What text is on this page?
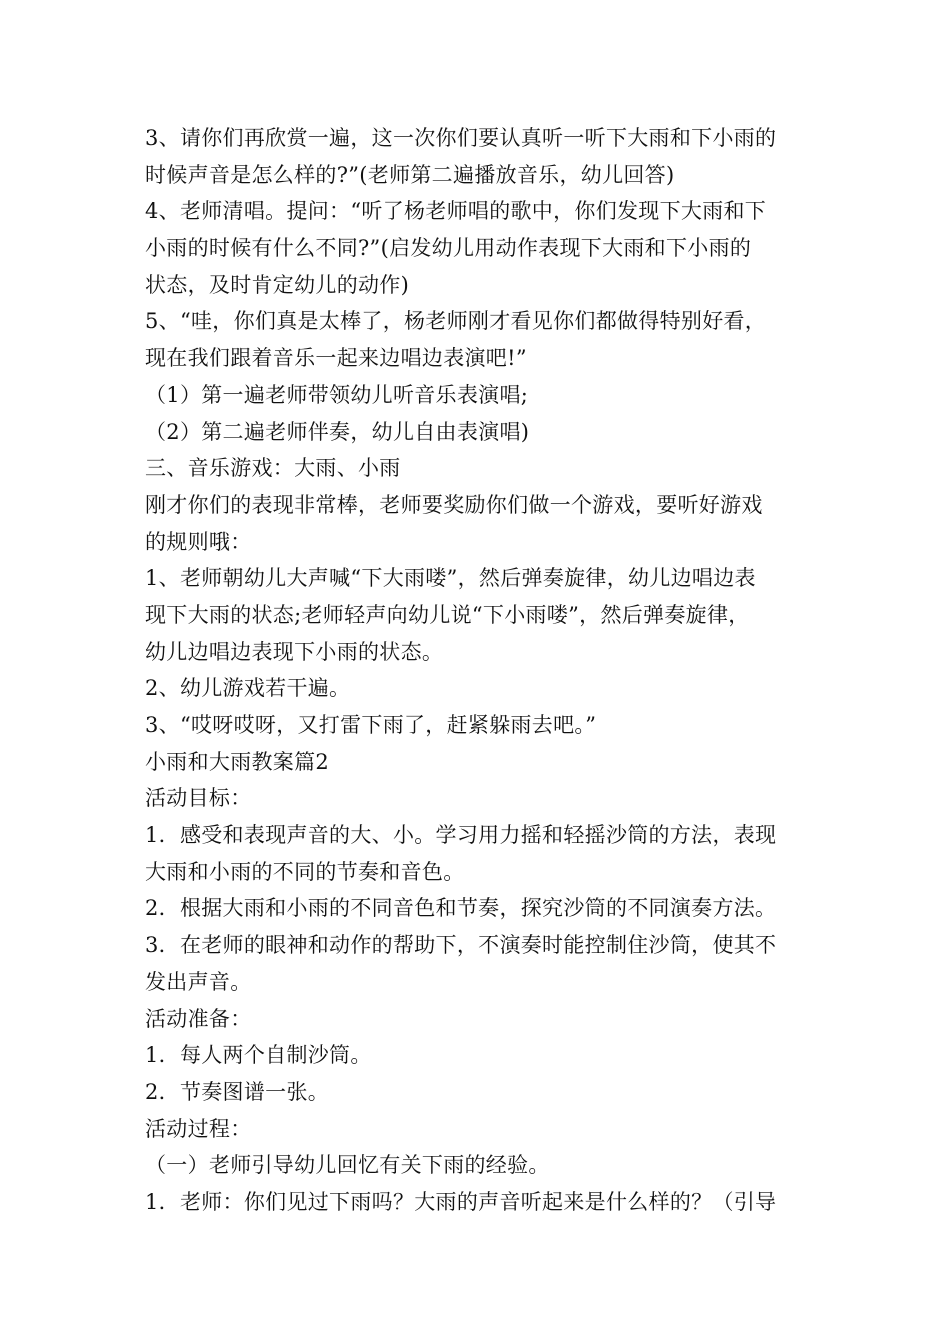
3、请你们再欣赏一遍，这一次你们要认真听一听下大雨和下小雨的
时候声音是怎么样的?”(老师第二遍播放音乐，幼儿回答)
4、老师清唱。提问：“听了杨老师唱的歌中，你们发现下大雨和下
小雨的时候有什么不同?”(启发幼儿用动作表现下大雨和下小雨的
状态，及时肯定幼儿的动作)
5、“哇，你们真是太棒了，杨老师刚才看见你们都做得特别好看，
现在我们跟着音乐一起来边唱边表演吧!”
（1）第一遍老师带领幼儿听音乐表演唱;
（2）第二遍老师伴奏，幼儿自由表演唱)
三、音乐游戏：大雨、小雨
刚才你们的表现非常棒，老师要奖励你们做一个游戏，要听好游戏
的规则哦：
1、老师朝幼儿大声喊“下大雨喽”，然后弹奏旋律，幼儿边唱边表
现下大雨的状态;老师轻声向幼儿说“下小雨喽”，然后弹奏旋律，
幼儿边唱边表现下小雨的状态。
2、幼儿游戏若干遍。
3、“哎呀哎呀，又打雷下雨了，赶紧躲雨去吧。”
小雨和大雨教案篇2
活动目标：
1．感受和表现声音的大、小。学习用力摇和轻摇沙筒的方法，表现
大雨和小雨的不同的节奏和音色。
2．根据大雨和小雨的不同音色和节奏，探究沙筒的不同演奏方法。
3．在老师的眼神和动作的帮助下，不演奏时能控制住沙筒，使其不
发出声音。
活动准备：
1．每人两个自制沙筒。
2．节奏图谱一张。
活动过程：
（一）老师引导幼儿回忆有关下雨的经验。
1．老师：你们见过下雨吗？大雨的声音听起来是什么样的？（引导
